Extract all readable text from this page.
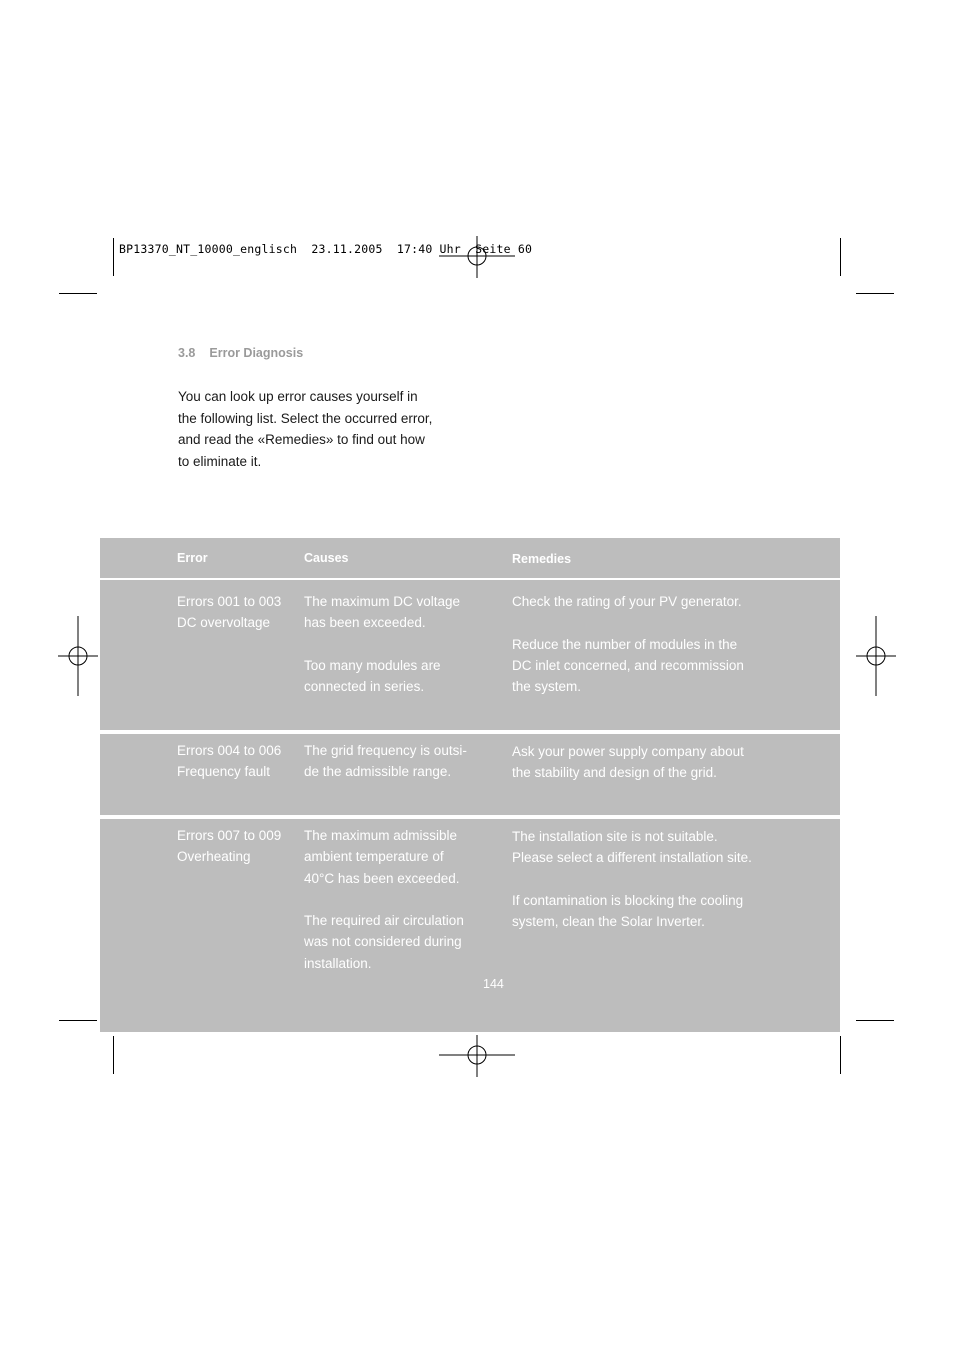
BP13370_NT_10000_englisch  23.11.2005  17:40 Uhr  Seite 60
3.8 Error Diagnosis
You can look up error causes yourself in
the following list. Select the occurred error,
and read the «Remedies» to find out how
to eliminate it.
Error	Causes	Remedies

Errors 001 to 003

DC overvoltage

The maximum DC voltage

has been exceeded.

Too many modules are

connected in series.

Check the rating of your PV generator.

Reduce the number of modules in the

DC inlet concerned, and recommission

the system.

Errors 004 to 006

Frequency fault

The grid frequency is outsi-

de the admissible range.

Ask your power supply company about

the stability and design of the grid.

Errors 007 to 009

Overheating

The maximum admissible

ambient temperature of

40°C has been exceeded.

The required air circulation

was not considered during

installation.

The installation site is not suitable.

Please select a different installation site.

If contamination is blocking the cooling

system, clean the Solar Inverter.

144
